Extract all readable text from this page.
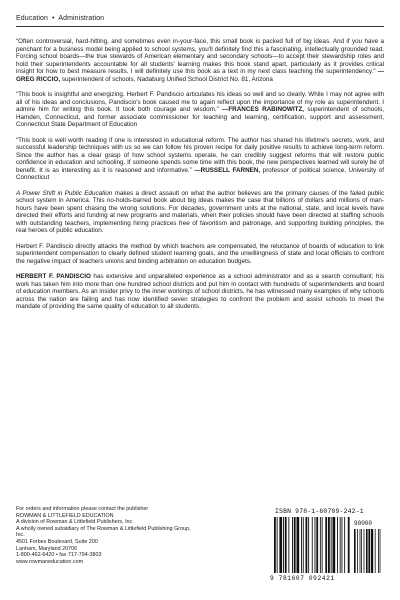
Education • Administration

“Often controversial, hard-hitting, and sometimes even in-your-face, this small book is packed full of big ideas. And if you have a penchant for a business model being applied to school systems, you'll definitely find this a fascinating, intellectually grounded read. Forcing school boards—the true stewards of American elementary and secondary schools—to accept their stewardship roles and hold their superintendents accountable for all students' learning makes this book stand apart, particularly as it provides critical insight for how to best measure results. I will definitely use this book as a text in my next class teaching the superintendency.” —GREG RICCIO, superintendent of schools, Nadaburg Unified School District No. 81, Arizona

“This book is insightful and energizing. Herbert F. Pandiscio articulates his ideas so well and so clearly. While I may not agree with all of his ideas and conclusions, Pandiscio's book caused me to again reflect upon the importance of my role as superintendent. I admire him for writing this book. It took both courage and wisdom.” —FRANCES RABINOWITZ, superintendent of schools, Hamden, Connecticut, and former associate commissioner for teaching and learning, certification, support and assessment, Connecticut State Department of Education

“This book is well worth reading if one is interested in educational reform. The author has shared his lifetime's secrets, work, and successful leadership techniques with us so we can follow his proven recipe for daily positive results to achieve long-term reform. Since the author has a clear grasp of how school systems operate, he can credibly suggest reforms that will restore public confidence in education and schooling. If someone spends some time with this book, the new perspectives learned will surely be of benefit. It is as interesting as it is reasoned and informative.” —RUSSELL FARNEN, professor of political science, University of Connecticut

A Power Shift in Public Education makes a direct assault on what the author believes are the primary causes of the failed public school system in America. This no-holds-barred book about big ideas makes the case that billions of dollars and millions of man-hours have been spent chasing the wrong solutions. For decades, government units at the national, state, and local levels have directed their efforts and funding at new programs and materials, when their policies should have been directed at staffing schools with outstanding teachers, implementing hiring practices free of favoritism and patronage, and supporting building principles, the real heroes of public education.

Herbert F. Pandiscio directly attacks the method by which teachers are compensated, the reluctance of boards of education to link superintendent compensation to clearly defined student learning goals, and the unwillingness of state and local officials to confront the negative impact of teachers unions and binding arbitration on education budgets.

HERBERT F. PANDISCIO has extensive and unparalleled experience as a school administrator and as a search consultant; his work has taken him into more than one hundred school districts and put him in contact with hundreds of superintendents and board of education members. As an insider privy to the inner workings of school districts, he has witnessed many examples of why schools across the nation are failing and has now identified seven strategies to confront the problem and assist schools to meet the mandate of providing the same quality of education to all students.

For orders and information please contact the publisher
ROWMAN & LITTLEFIELD EDUCATION
A division of Rowman & Littlefield Publishers, Inc.
A wholly owned subsidiary of The Rowman & Littlefield Publishing Group, Inc.
4501 Forbes Boulevard, Suite 200
Lanham, Maryland 20706
1-800-462-6420 • fax 717-794-3803
www.rowmaneducation.com
ISBN 978-1-60709-242-1
90000
9 781607 092421
